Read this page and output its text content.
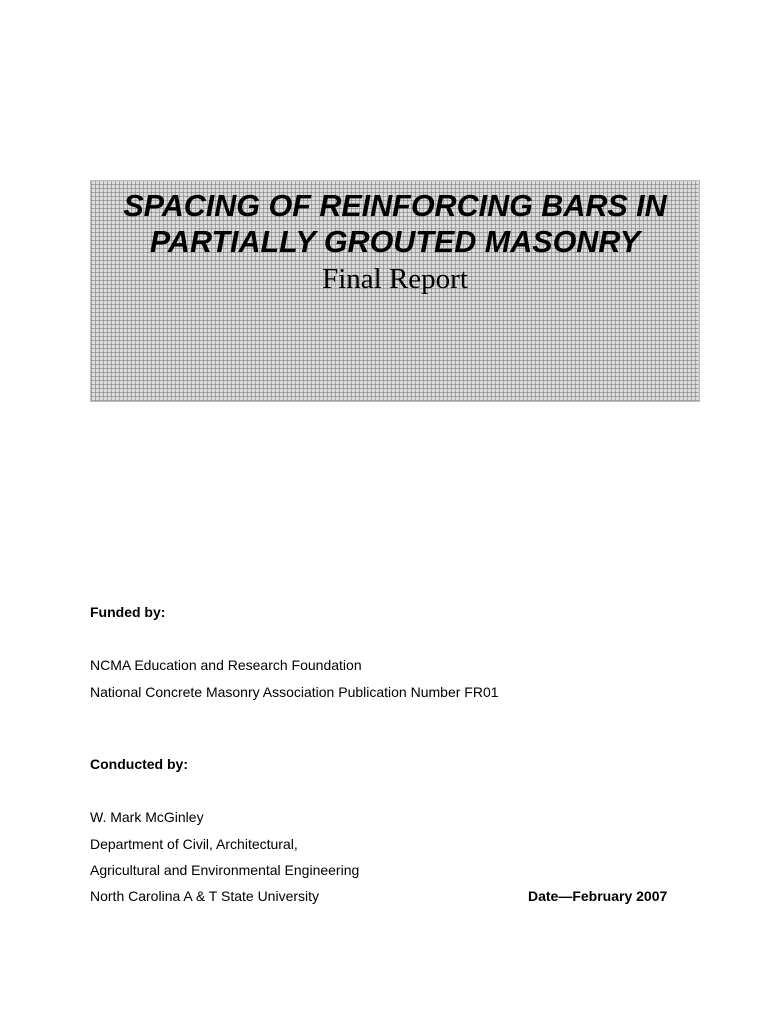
SPACING OF REINFORCING BARS IN
PARTIALLY GROUTED MASONRY
Final Report
Funded by:
NCMA Education and Research Foundation
National Concrete Masonry Association Publication Number FR01
Conducted by:
W. Mark McGinley
Department of Civil, Architectural,
Agricultural and Environmental Engineering
North Carolina A & T State University	Date—February 2007
